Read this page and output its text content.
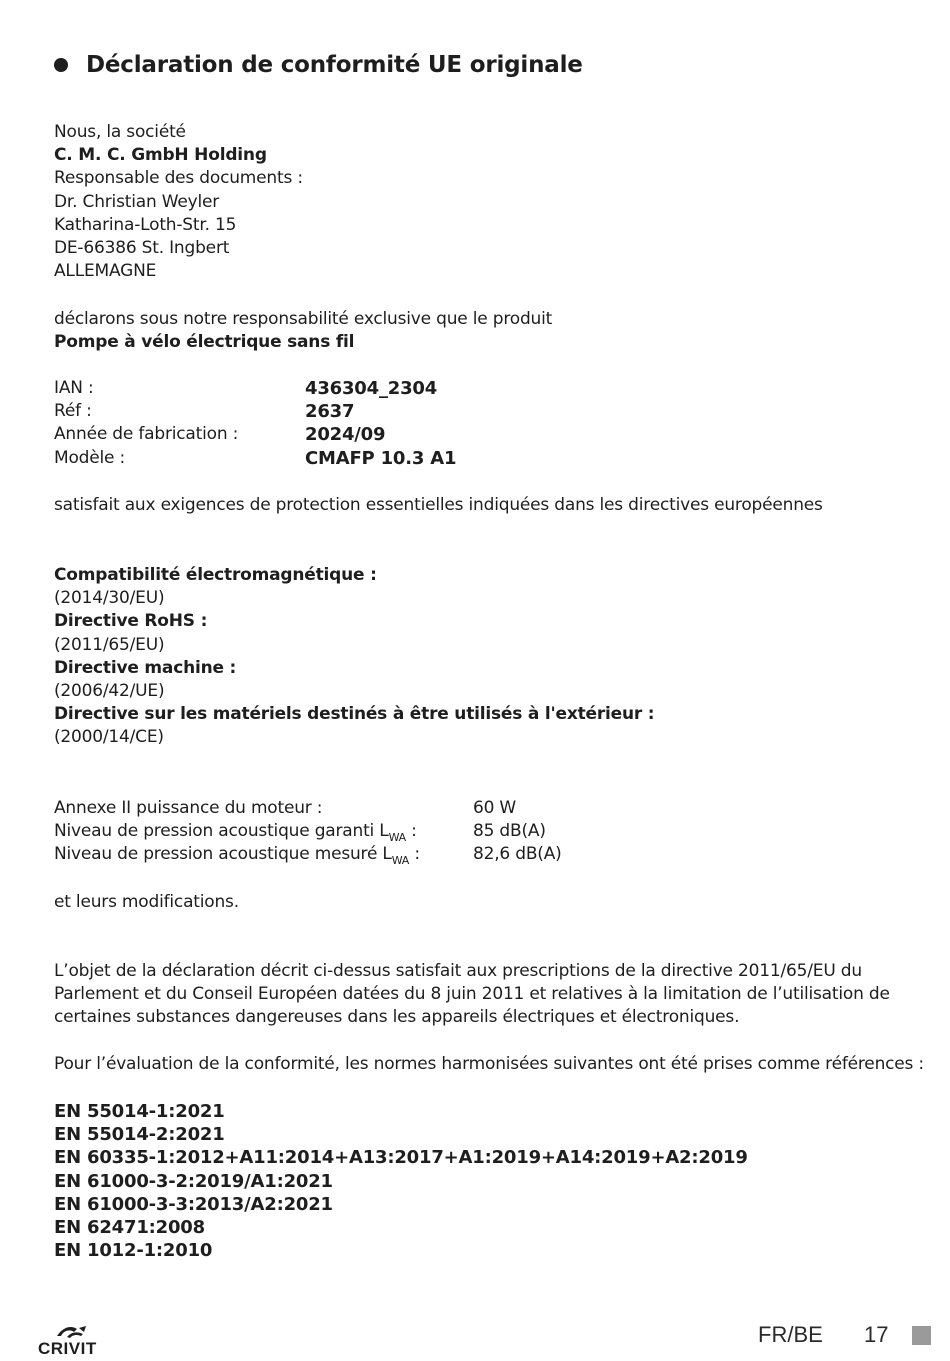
Déclaration de conformité UE originale
Nous, la société
C. M. C. GmbH Holding
Responsable des documents :
Dr. Christian Weyler
Katharina-Loth-Str. 15
DE-66386 St. Ingbert
ALLEMAGNE
déclarons sous notre responsabilité exclusive que le produit
Pompe à vélo électrique sans fil
IAN :	436304_2304
Réf :	2637
Année de fabrication :	2024/09
Modèle :	CMAFP 10.3 A1
satisfait aux exigences de protection essentielles indiquées dans les directives européennes
Compatibilité électromagnétique :
(2014/30/EU)
Directive RoHS :
(2011/65/EU)
Directive machine :
(2006/42/UE)
Directive sur les matériels destinés à être utilisés à l'extérieur :
(2000/14/CE)
Annexe II puissance du moteur :	60 W
Niveau de pression acoustique garanti $L_{WA}$ :	85 dB(A)
Niveau de pression acoustique mesuré $L_{WA}$ :	82,6 dB(A)
et leurs modifications.
L’objet de la déclaration décrit ci-dessus satisfait aux prescriptions de la directive 2011/65/EU du Parlement et du Conseil Européen datées du 8 juin 2011 et relatives à la limitation de l’utilisation de certaines substances dangereuses dans les appareils électriques et électroniques.
Pour l’évaluation de la conformité, les normes harmonisées suivantes ont été prises comme références :
EN 55014-1:2021
EN 55014-2:2021
EN 60335-1:2012+A11:2014+A13:2017+A1:2019+A14:2019+A2:2019
EN 61000-3-2:2019/A1:2021
EN 61000-3-3:2013/A2:2021
EN 62471:2008
EN 1012-1:2010
CRIVIT
FR/BE 17
